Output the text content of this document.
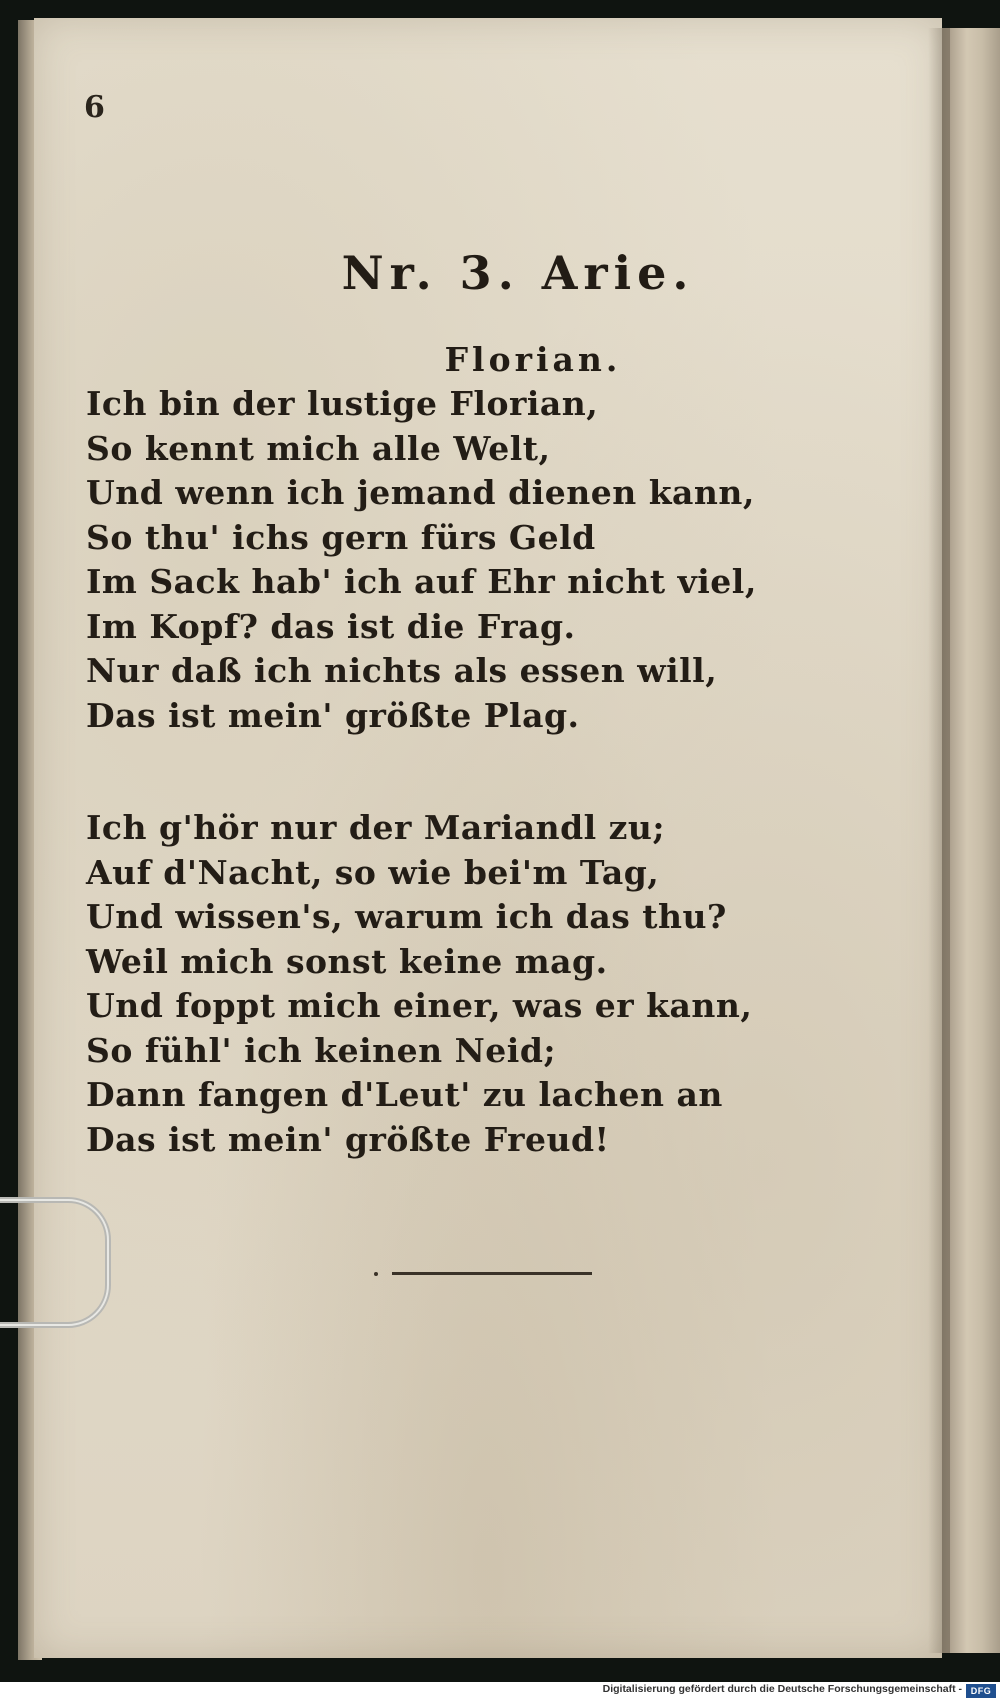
6

Nr. 3. Arie.

Florian.

Ich bin der lustige Florian,
So kennt mich alle Welt,
Und wenn ich jemand dienen kann,
So thu' ichs gern fürs Geld
Im Sack hab' ich auf Ehr nicht viel,
Im Kopf? das ist die Frag.
Nur daß ich nichts als essen will,
Das ist mein' größte Plag.
Ich g'hör nur der Mariandl zu;
Auf d'Nacht, so wie bei'm Tag,
Und wissen's, warum ich das thu?
Weil mich sonst keine mag.
Und foppt mich einer, was er kann,
So fühl' ich keinen Neid;
Dann fangen d'Leut' zu lachen an
Das ist mein' größte Freud!

Digitalisierung gefördert durch die Deutsche Forschungsgemeinschaft - DFG
